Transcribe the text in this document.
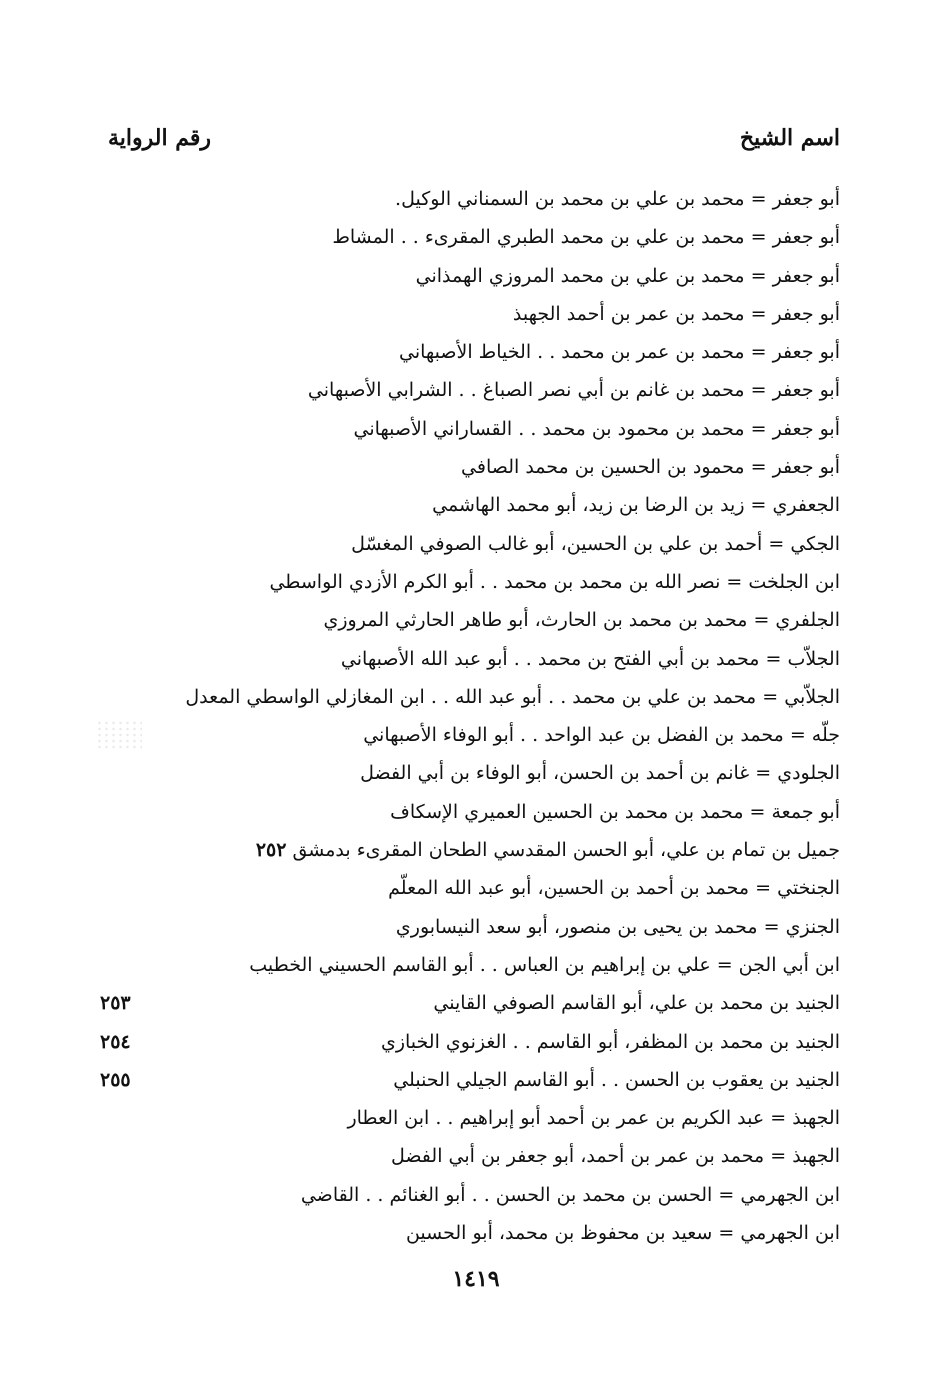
اسم الشيخ
رقم الرواية
أبو جعفر = محمد بن علي بن محمد بن السمناني الوكيل.
أبو جعفر = محمد بن علي بن محمد الطبري المقرىء . . المشاط
أبو جعفر = محمد بن علي بن محمد المروزي الهمذاني
أبو جعفر = محمد بن عمر بن أحمد الجهبذ
أبو جعفر = محمد بن عمر بن محمد . . الخياط الأصبهاني
أبو جعفر = محمد بن غانم بن أبي نصر الصباغ . . الشرابي الأصبهاني
أبو جعفر = محمد بن محمود بن محمد . . القساراني الأصبهاني
أبو جعفر = محمود بن الحسين بن محمد الصافي
الجعفري = زيد بن الرضا بن زيد، أبو محمد الهاشمي
الجكي = أحمد بن علي بن الحسين، أبو غالب الصوفي المغسّل
ابن الجلخت = نصر الله بن محمد بن محمد . . أبو الكرم الأزدي الواسطي
الجلفري = محمد بن محمد بن الحارث، أبو طاهر الحارثي المروزي
الجلاّب = محمد بن أبي الفتح بن محمد . . أبو عبد الله الأصبهاني
الجلاّبي = محمد بن علي بن محمد . . أبو عبد الله . . ابن المغازلي الواسطي المعدل
جلّه = محمد بن الفضل بن عبد الواحد . . أبو الوفاء الأصبهاني
الجلودي = غانم بن أحمد بن الحسن، أبو الوفاء بن أبي الفضل
أبو جمعة = محمد بن محمد بن الحسين العميري الإسكاف
جميل بن تمام بن علي، أبو الحسن المقدسي الطحان المقرىء بدمشق٢٥٢
الجنختي = محمد بن أحمد بن الحسين، أبو عبد الله المعلّم
الجنزي = محمد بن يحيى بن منصور، أبو سعد النيسابوري
ابن أبي الجن = علي بن إبراهيم بن العباس . . أبو القاسم الحسيني الخطيب
الجنيد بن محمد بن علي، أبو القاسم الصوفي القايني
٢٥٣
الجنيد بن محمد بن المظفر، أبو القاسم . . الغزنوي الخبازي
٢٥٤
الجنيد بن يعقوب بن الحسن . . أبو القاسم الجيلي الحنبلي
٢٥٥
الجهبذ = عبد الكريم بن عمر بن أحمد أبو إبراهيم . . ابن العطار
الجهبذ = محمد بن عمر بن أحمد، أبو جعفر بن أبي الفضل
ابن الجهرمي = الحسن بن محمد بن الحسن . . أبو الغنائم . . القاضي
ابن الجهرمي = سعيد بن محفوظ بن محمد، أبو الحسين
١٤١٩
